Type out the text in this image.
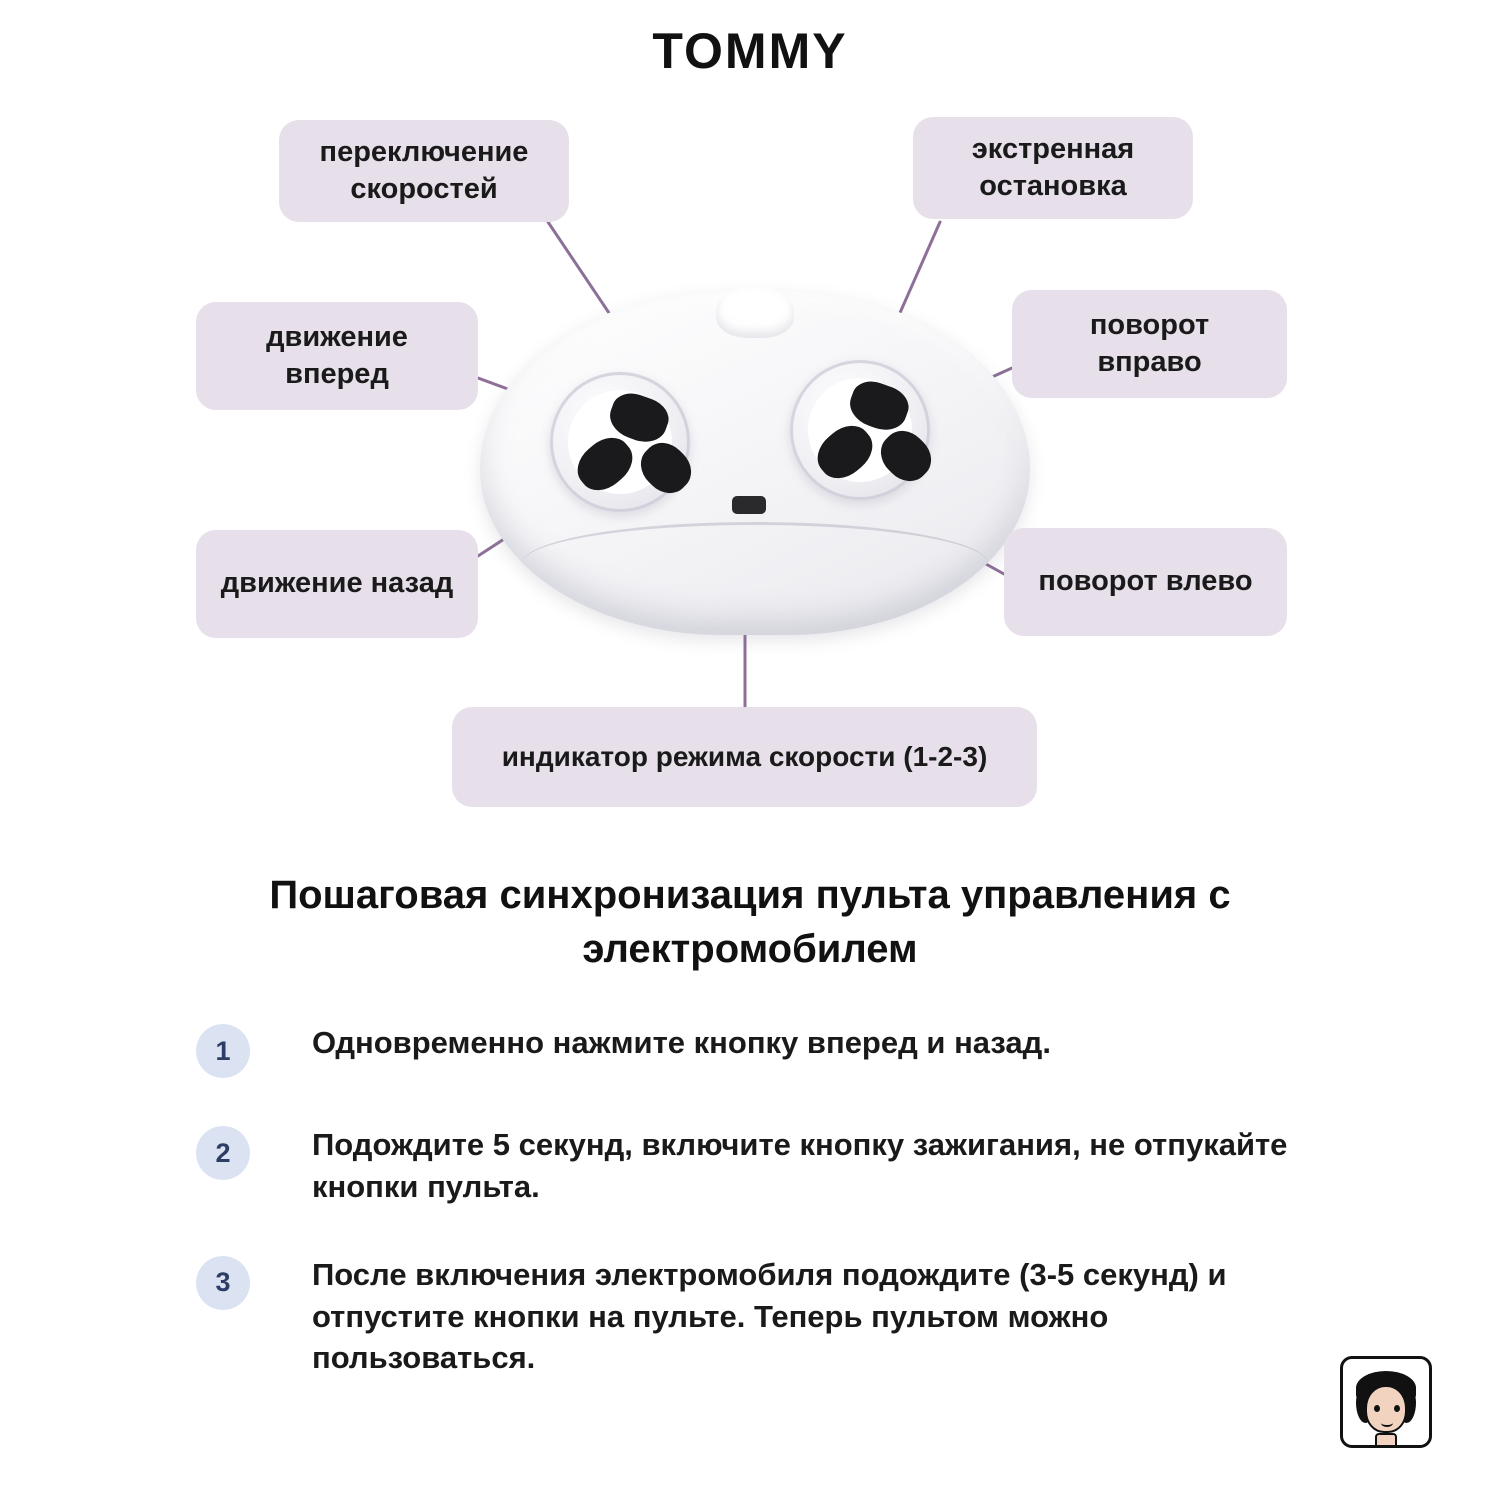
TOMMY
переключение скоростей
экстренная остановка
движение вперед
поворот вправо
движение назад	поворот влево
индикатор режима скорости (1-2-3)
Пошаговая синхронизация пульта управления с электромобилем
1	Одновременно нажмите кнопку вперед и назад.
2	Подождите 5 секунд, включите кнопку зажигания, не отпукайте кнопки пульта.
3	После включения электромобиля подождите (3-5 секунд) и отпустите кнопки на пульте. Теперь пультом можно пользоваться.
